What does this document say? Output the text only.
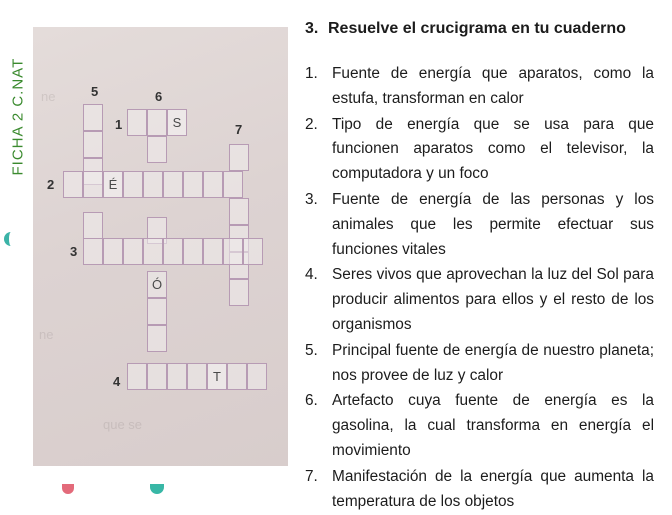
FICHA 2 C.NAT ne
ne
que se
5	6
1	7
2
3
4
S
Ó
É
T
3. Resuelve el crucigrama en tu cuaderno
1. Fuente de energía que aparatos, como la estufa, transforman en calor
2. Tipo de energía que se usa para que funcionen aparatos como el televisor, la computadora y un foco
3. Fuente de energía de las personas y los animales que les permite efectuar sus funciones vitales
4. Seres vivos que aprovechan la luz del Sol para producir alimentos para ellos y el resto de los organismos
5. Principal fuente de energía de nuestro planeta; nos provee de luz y calor
6. Artefacto cuya fuente de energía es la gasolina, la cual transforma en energía el movimiento
7. Manifestación de la energía que aumenta la temperatura de los objetos
